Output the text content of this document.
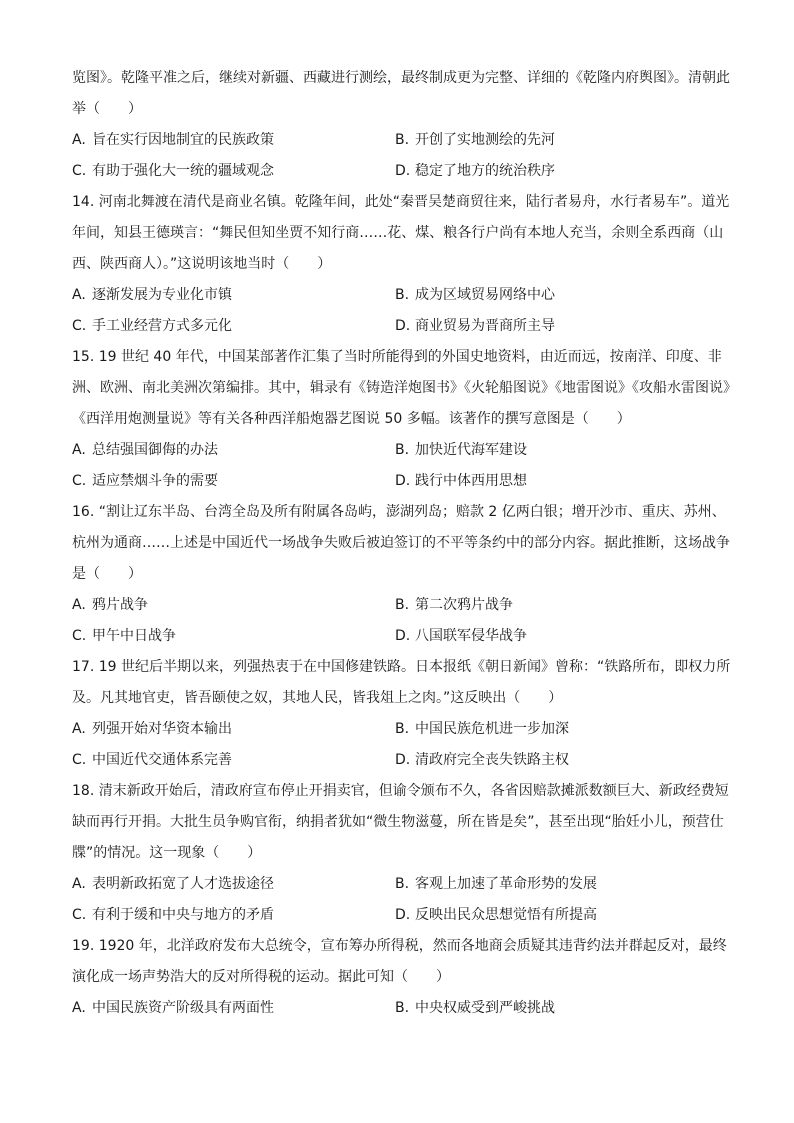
览图》。乾隆平准之后，继续对新疆、西藏进行测绘，最终制成更为完整、详细的《乾隆内府舆图》。清朝此举（　　）

A. 旨在实行因地制宜的民族政策	B. 开创了实地测绘的先河
C. 有助于强化大一统的疆域观念	D. 稳定了地方的统治秩序

14. 河南北舞渡在清代是商业名镇。乾隆年间，此处“秦晋吴楚商贸往来，陆行者易舟，水行者易车”。道光年间，知县王德瑛言：“舞民但知坐贾不知行商……花、煤、粮各行户尚有本地人充当，余则全系西商（山西、陕西商人）。”这说明该地当时（　　）

A. 逐渐发展为专业化市镇	B. 成为区域贸易网络中心
C. 手工业经营方式多元化	D. 商业贸易为晋商所主导

15. 19 世纪 40 年代，中国某部著作汇集了当时所能得到的外国史地资料，由近而远，按南洋、印度、非洲、欧洲、南北美洲次第编排。其中，辑录有《铸造洋炮图书》《火轮船图说》《地雷图说》《攻船水雷图说》《西洋用炮测量说》等有关各种西洋船炮器艺图说 50 多幅。该著作的撰写意图是（　　）

A. 总结强国御侮的办法	B. 加快近代海军建设
C. 适应禁烟斗争的需要	D. 践行中体西用思想

16. “割让辽东半岛、台湾全岛及所有附属各岛屿，澎湖列岛；赔款 2 亿两白银；增开沙市、重庆、苏州、杭州为通商……上述是中国近代一场战争失败后被迫签订的不平等条约中的部分内容。据此推断，这场战争是（　　）

A. 鸦片战争	B. 第二次鸦片战争
C. 甲午中日战争	D. 八国联军侵华战争

17. 19 世纪后半期以来，列强热衷于在中国修建铁路。日本报纸《朝日新闻》曾称：“铁路所布，即权力所及。凡其地官吏，皆吾颐使之奴，其地人民，皆我俎上之肉。”这反映出（　　）

A. 列强开始对华资本输出	B. 中国民族危机进一步加深
C. 中国近代交通体系完善	D. 清政府完全丧失铁路主权

18. 清末新政开始后，清政府宣布停止开捐卖官，但谕令颁布不久，各省因赔款摊派数额巨大、新政经费短缺而再行开捐。大批生员争购官衔，纳捐者犹如“微生物滋蔓，所在皆是矣”，甚至出现“胎妊小儿，预营仕牒”的情况。这一现象（　　）

A. 表明新政拓宽了人才选拔途径	B. 客观上加速了革命形势的发展
C. 有利于缓和中央与地方的矛盾	D. 反映出民众思想觉悟有所提高

19. 1920 年，北洋政府发布大总统令，宣布筹办所得税，然而各地商会质疑其违背约法并群起反对，最终演化成一场声势浩大的反对所得税的运动。据此可知（　　）

A. 中国民族资产阶级具有两面性	B. 中央权威受到严峻挑战
